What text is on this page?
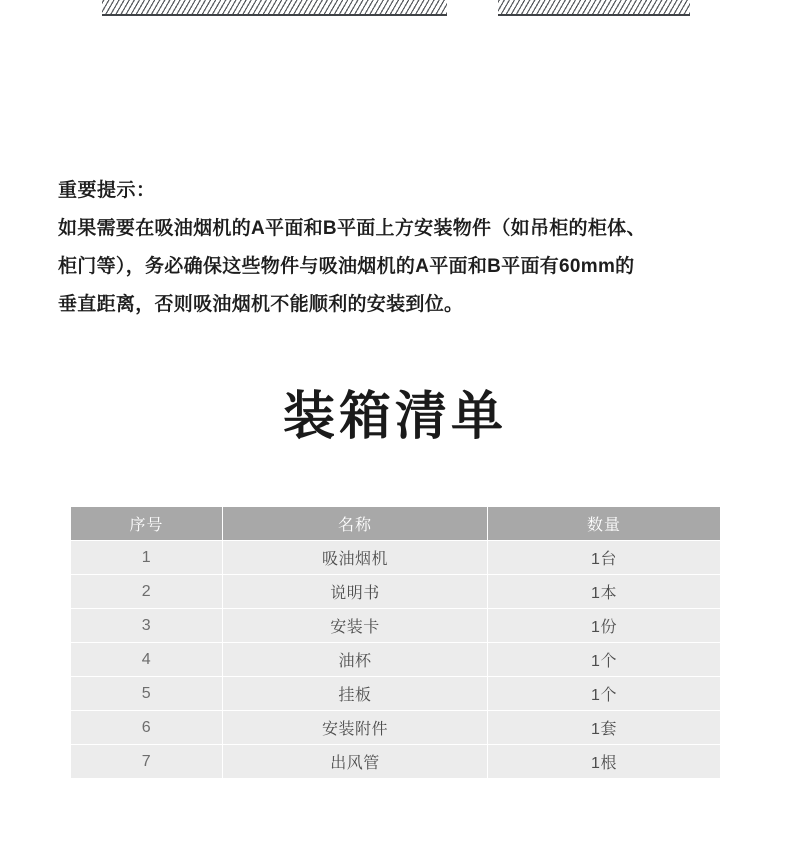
重要提示：

如果需要在吸油烟机的A平面和B平面上方安装物件（如吊柜的柜体、

柜门等），务必确保这些物件与吸油烟机的A平面和B平面有60mm的

垂直距离，否则吸油烟机不能顺利的安装到位。

装箱清单
序号	名称	数量
1	吸油烟机	1台
2	说明书	1本
3	安装卡	1份
4	油杯	1个
5	挂板	1个
6	安装附件	1套
7	出风管	1根
